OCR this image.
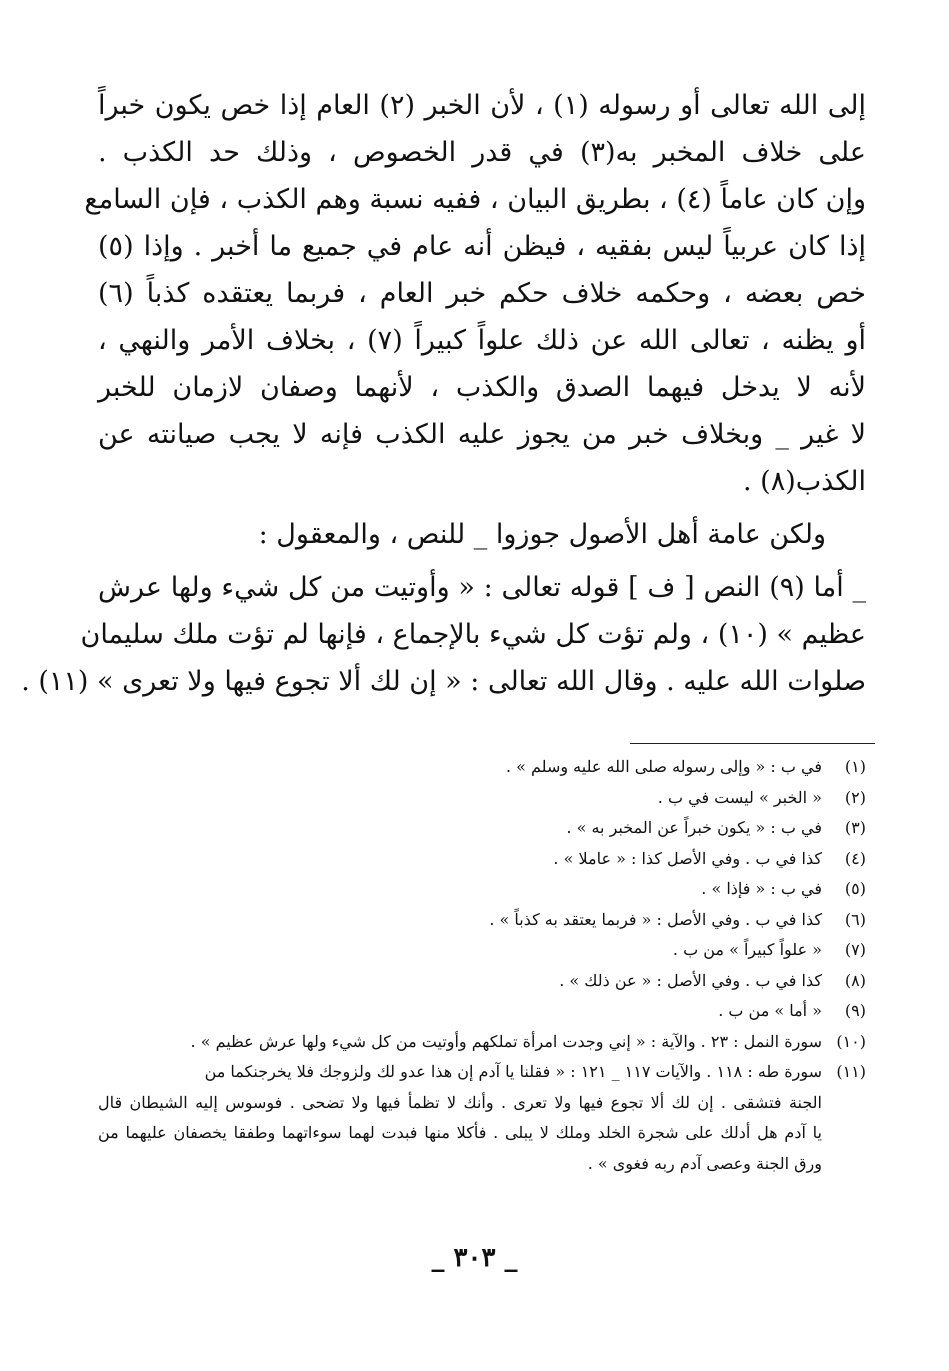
إلى الله تعالى أو رسوله (١) ، لأن الخبر (٢) العام إذا خص يكون خبراً
على خلاف المخبر به(٣) في قدر الخصوص ، وذلك حد الكذب .
وإن كان عاماً (٤) ، بطريق البيان ، ففيه نسبة وهم الكذب ، فإن السامع
إذا كان عربياً ليس بفقيه ، فيظن أنه عام في جميع ما أخبر . وإذا (٥)
خص بعضه ، وحكمه خلاف حكم خبر العام ، فربما يعتقده كذباً (٦)
أو يظنه ، تعالى الله عن ذلك علواً كبيراً (٧) ، بخلاف الأمر والنهي ،
لأنه لا يدخل فيهما الصدق والكذب ، لأنهما وصفان لازمان للخبر
لا غير _ وبخلاف خبر من يجوز عليه الكذب فإنه لا يجب صيانته عن
الكذب(٨) .
ولكن عامة أهل الأصول جوزوا _ للنص ، والمعقول :
_ أما (٩) النص [ ف ] قوله تعالى : « وأوتيت من كل شيء ولها عرش
عظيم » (١٠) ، ولم تؤت كل شيء بالإجماع ، فإنها لم تؤت ملك سليمان
صلوات الله عليه . وقال الله تعالى : « إن لك ألا تجوع فيها ولا تعرى » (١١) .
(١)في ب : « وإلى رسوله صلى الله عليه وسلم » .
(٢)« الخبر » ليست في ب .
(٣)في ب : « يكون خبراً عن المخبر به » .
(٤)كذا في ب . وفي الأصل كذا : « عاملا » .
(٥)في ب : « فإذا » .
(٦)كذا في ب . وفي الأصل : « فربما يعتقد به كذباً » .
(٧)« علواً كبيراً » من ب .
(٨)كذا في ب . وفي الأصل : « عن ذلك » .
(٩)« أما » من ب .
(١٠)سورة النمل : ٢٣ . والآية : « إني وجدت امرأة تملكهم وأوتيت من كل شيء ولها عرش عظيم » .
(١١)سورة طه : ١١٨ . والآيات ١١٧ _ ١٢١ : « فقلنا يا آدم إن هذا عدو لك ولزوجك فلا يخرجنكما من
الجنة فتشقى . إن لك ألا تجوع فيها ولا تعرى . وأنك لا تظمأ فيها ولا تضحى . فوسوس إليه الشيطان قال
يا آدم هل أدلك على شجرة الخلد وملك لا يبلى . فأكلا منها فبدت لهما سوءاتهما وطفقا يخصفان عليهما من
ورق الجنة وعصى آدم ربه فغوى » .
_ ٣٠٣ _
